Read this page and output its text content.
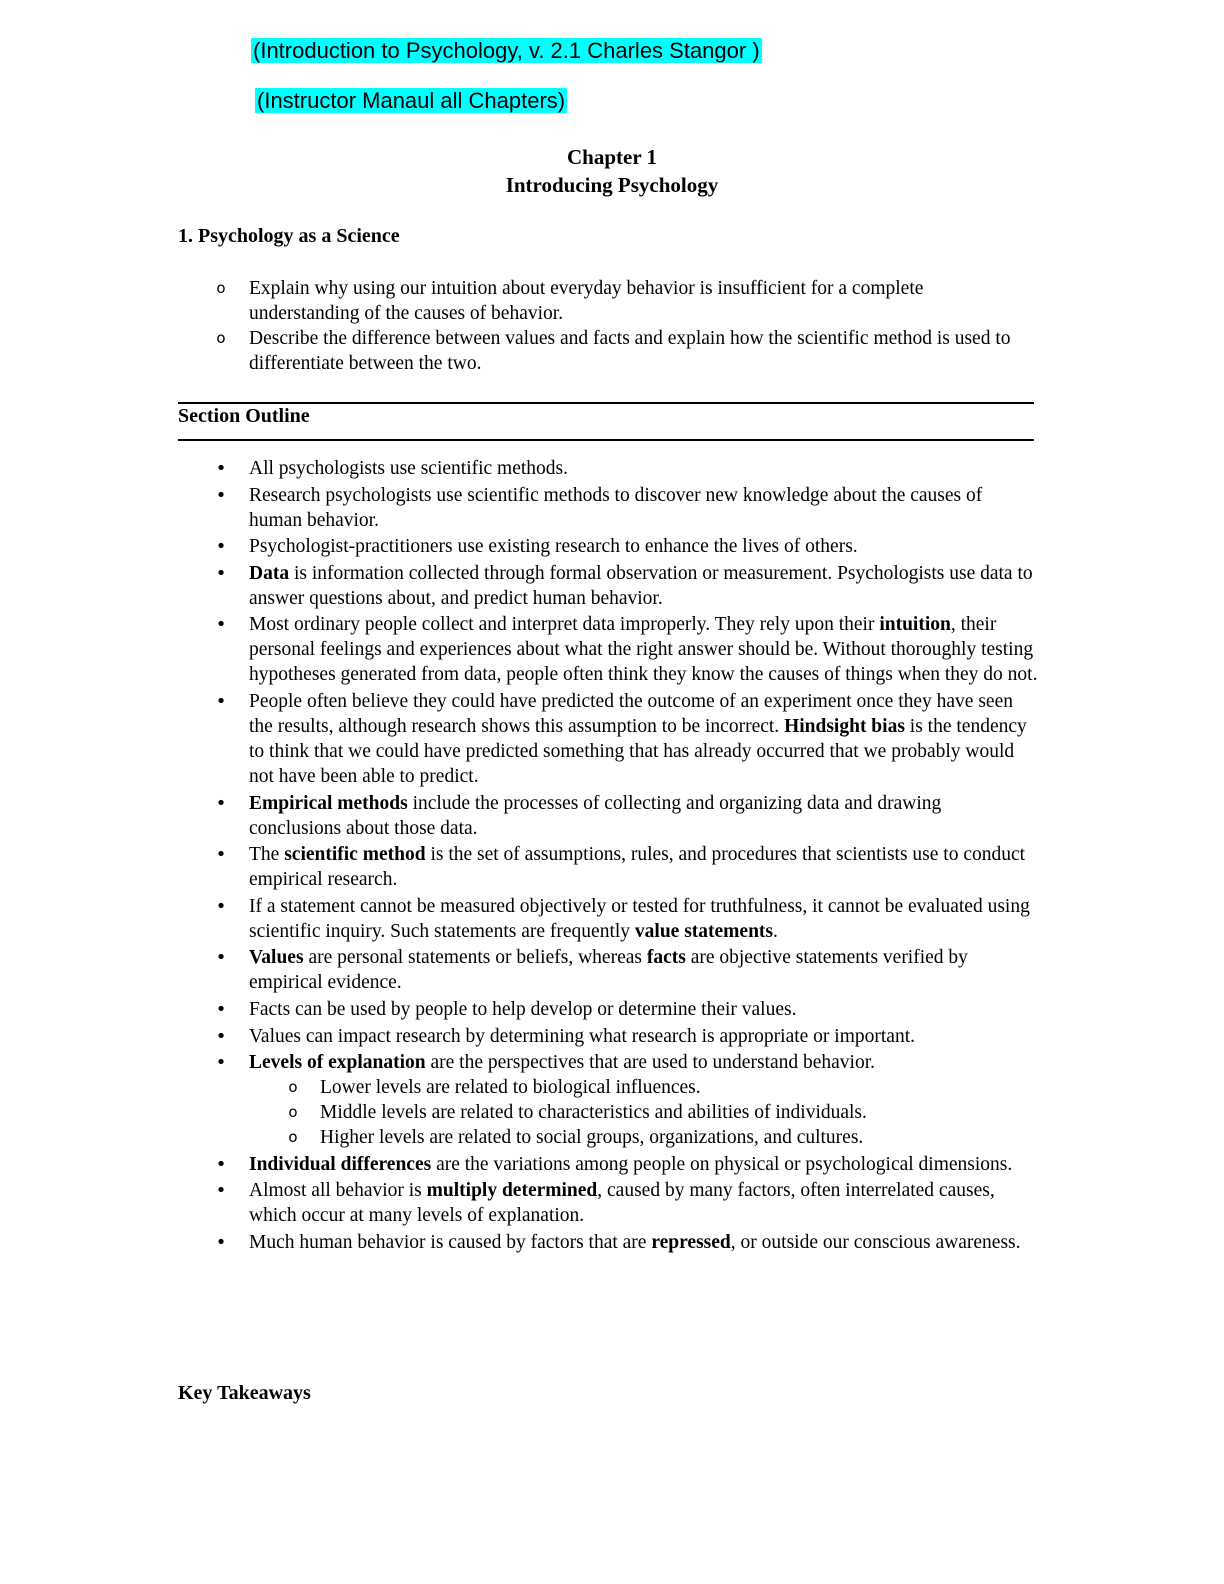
(Introduction to Psychology, v. 2.1 Charles Stangor )
(Instructor Manaul all Chapters)
Chapter 1
Introducing Psychology
1. Psychology as a Science
o Explain why using our intuition about everyday behavior is insufficient for a complete understanding of the causes of behavior.
o Describe the difference between values and facts and explain how the scientific method is used to differentiate between the two.
Section Outline
• All psychologists use scientific methods.
• Research psychologists use scientific methods to discover new knowledge about the causes of human behavior.
• Psychologist-practitioners use existing research to enhance the lives of others.
• Data is information collected through formal observation or measurement. Psychologists use data to answer questions about, and predict human behavior.
• Most ordinary people collect and interpret data improperly. They rely upon their intuition, their personal feelings and experiences about what the right answer should be. Without thoroughly testing hypotheses generated from data, people often think they know the causes of things when they do not.
• People often believe they could have predicted the outcome of an experiment once they have seen the results, although research shows this assumption to be incorrect. Hindsight bias is the tendency to think that we could have predicted something that has already occurred that we probably would not have been able to predict.
• Empirical methods include the processes of collecting and organizing data and drawing conclusions about those data.
• The scientific method is the set of assumptions, rules, and procedures that scientists use to conduct empirical research.
• If a statement cannot be measured objectively or tested for truthfulness, it cannot be evaluated using scientific inquiry. Such statements are frequently value statements.
• Values are personal statements or beliefs, whereas facts are objective statements verified by empirical evidence.
• Facts can be used by people to help develop or determine their values.
• Values can impact research by determining what research is appropriate or important.
• Levels of explanation are the perspectives that are used to understand behavior.
o Lower levels are related to biological influences.
o Middle levels are related to characteristics and abilities of individuals.
o Higher levels are related to social groups, organizations, and cultures.
• Individual differences are the variations among people on physical or psychological dimensions.
• Almost all behavior is multiply determined, caused by many factors, often interrelated causes, which occur at many levels of explanation.
• Much human behavior is caused by factors that are repressed, or outside our conscious awareness.
Key Takeaways
